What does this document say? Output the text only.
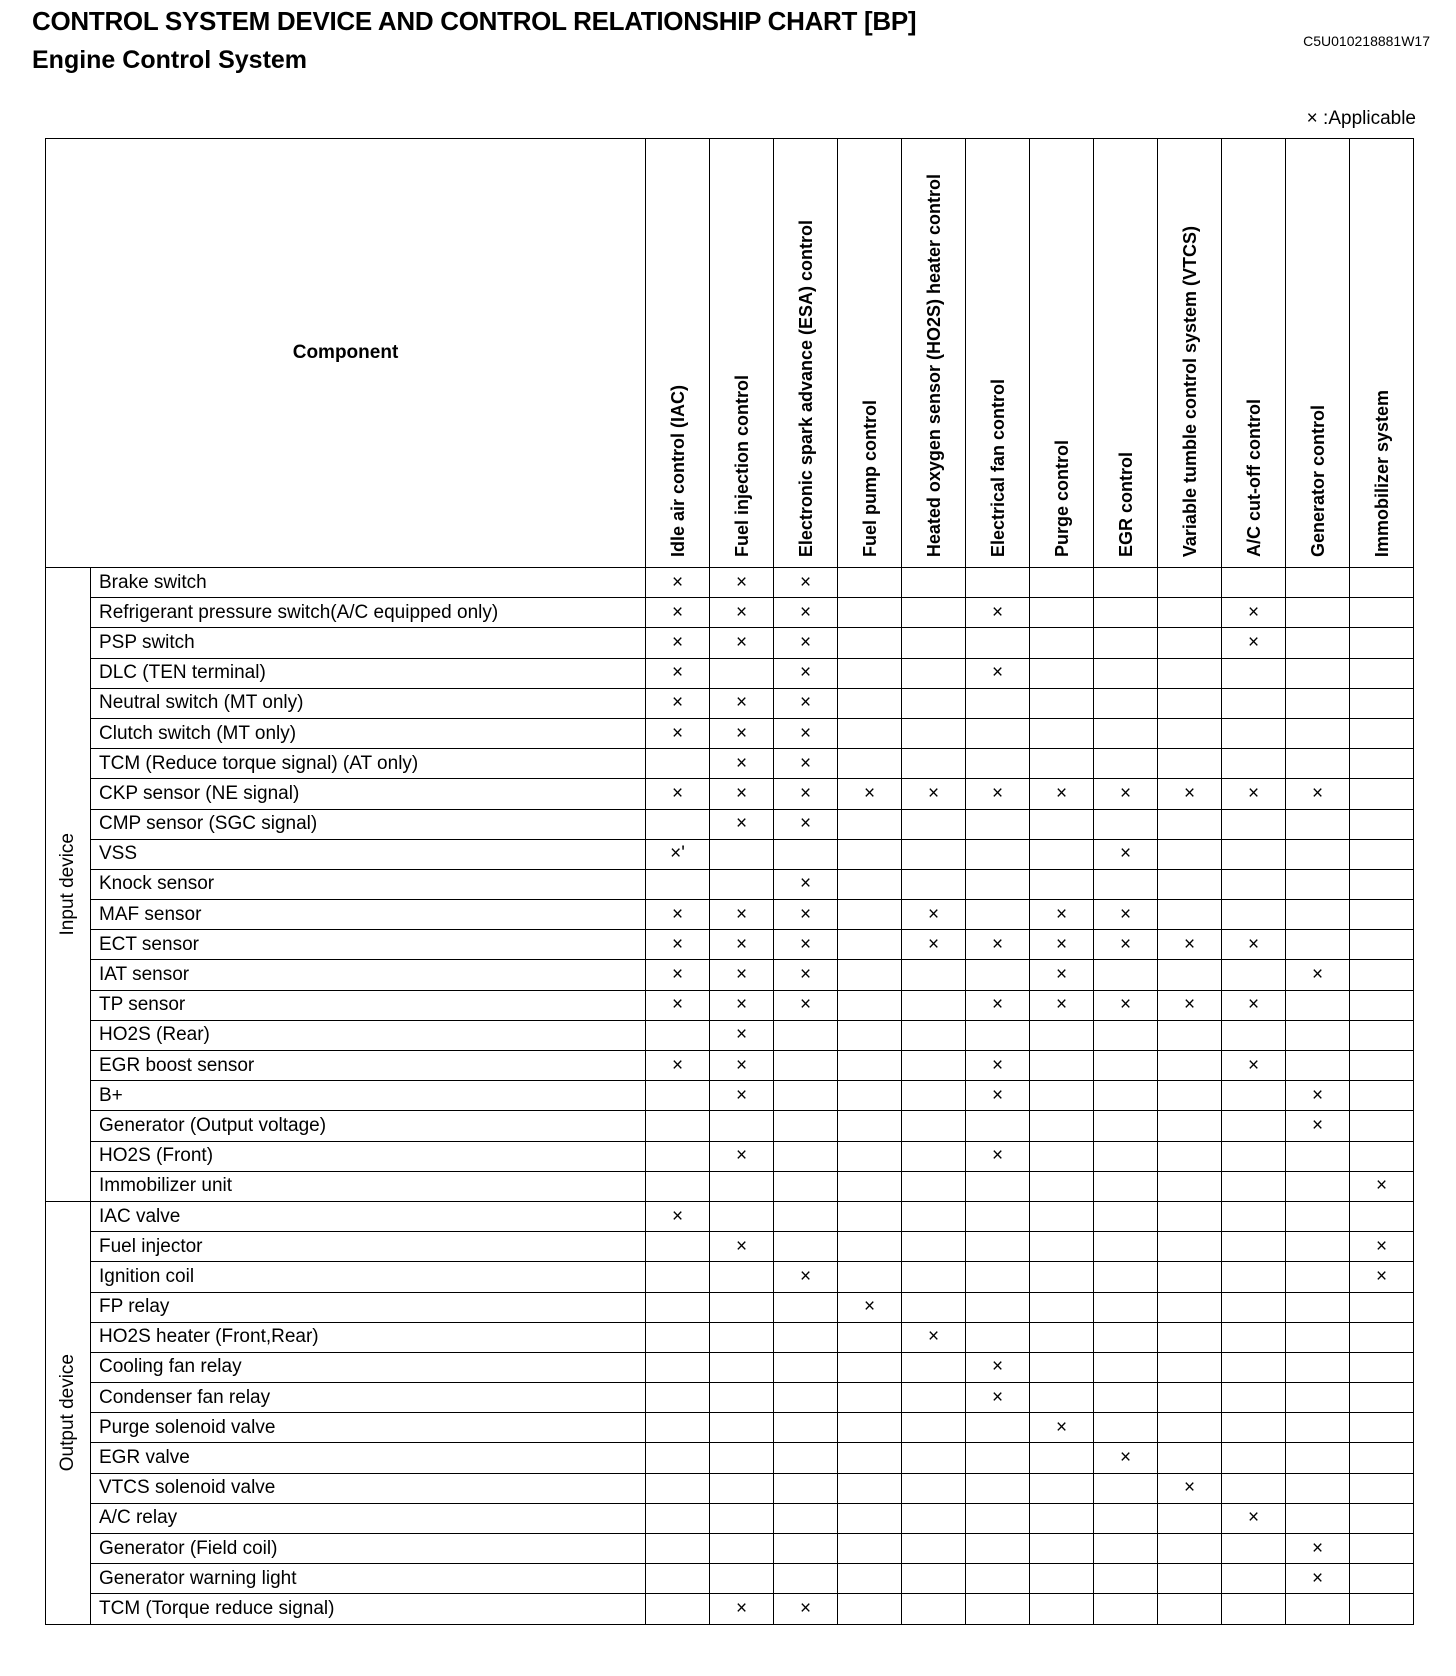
CONTROL SYSTEM DEVICE AND CONTROL RELATIONSHIP CHART [BP]
Engine Control System
C5U010218881W17
× :Applicable
Component		Idle air control (IAC)	Fuel injection control	Electronic spark advance (ESA) control	Fuel pump control	Heated oxygen sensor (HO2S) heater control	Electrical fan control	Purge control	EGR control	Variable tumble control system (VTCS)	A/C cut-off control	Generator control	Immobilizer system

Input device	Brake switch	×	×	×									
	Refrigerant pressure switch(A/C equipped only)	×	×	×			×				×		
	PSP switch	×	×	×							×		
	DLC (TEN terminal)	×		×			×						
	Neutral switch (MT only)	×	×	×									
	Clutch switch (MT only)	×	×	×									
	TCM (Reduce torque signal) (AT only)		×	×									
	CKP sensor (NE signal)	×	×	×	×	×	×	×	×	×	×	×	
	CMP sensor (SGC signal)		×	×									
	VSS	×'							×				
	Knock sensor			×									
	MAF sensor	×	×	×		×		×	×				
	ECT sensor	×	×	×		×	×	×	×	×	×		
	IAT sensor	×	×	×				×				×	
	TP sensor	×	×	×			×	×	×	×	×		
	HO2S (Rear)		×										
	EGR boost sensor	×	×				×				×		
	B+		×				×					×	
	Generator (Output voltage)											×	
	HO2S (Front)		×				×						
	Immobilizer unit												×

Output device	IAC valve	×											
	Fuel injector		×										×
	Ignition coil			×									×
	FP relay				×								
	HO2S heater (Front,Rear)					×							
	Cooling fan relay						×						
	Condenser fan relay						×						
	Purge solenoid valve							×					
	EGR valve								×				
	VTCS solenoid valve									×			
	A/C relay										×		
	Generator (Field coil)											×	
	Generator warning light											×	
	TCM (Torque reduce signal)		×	×									
